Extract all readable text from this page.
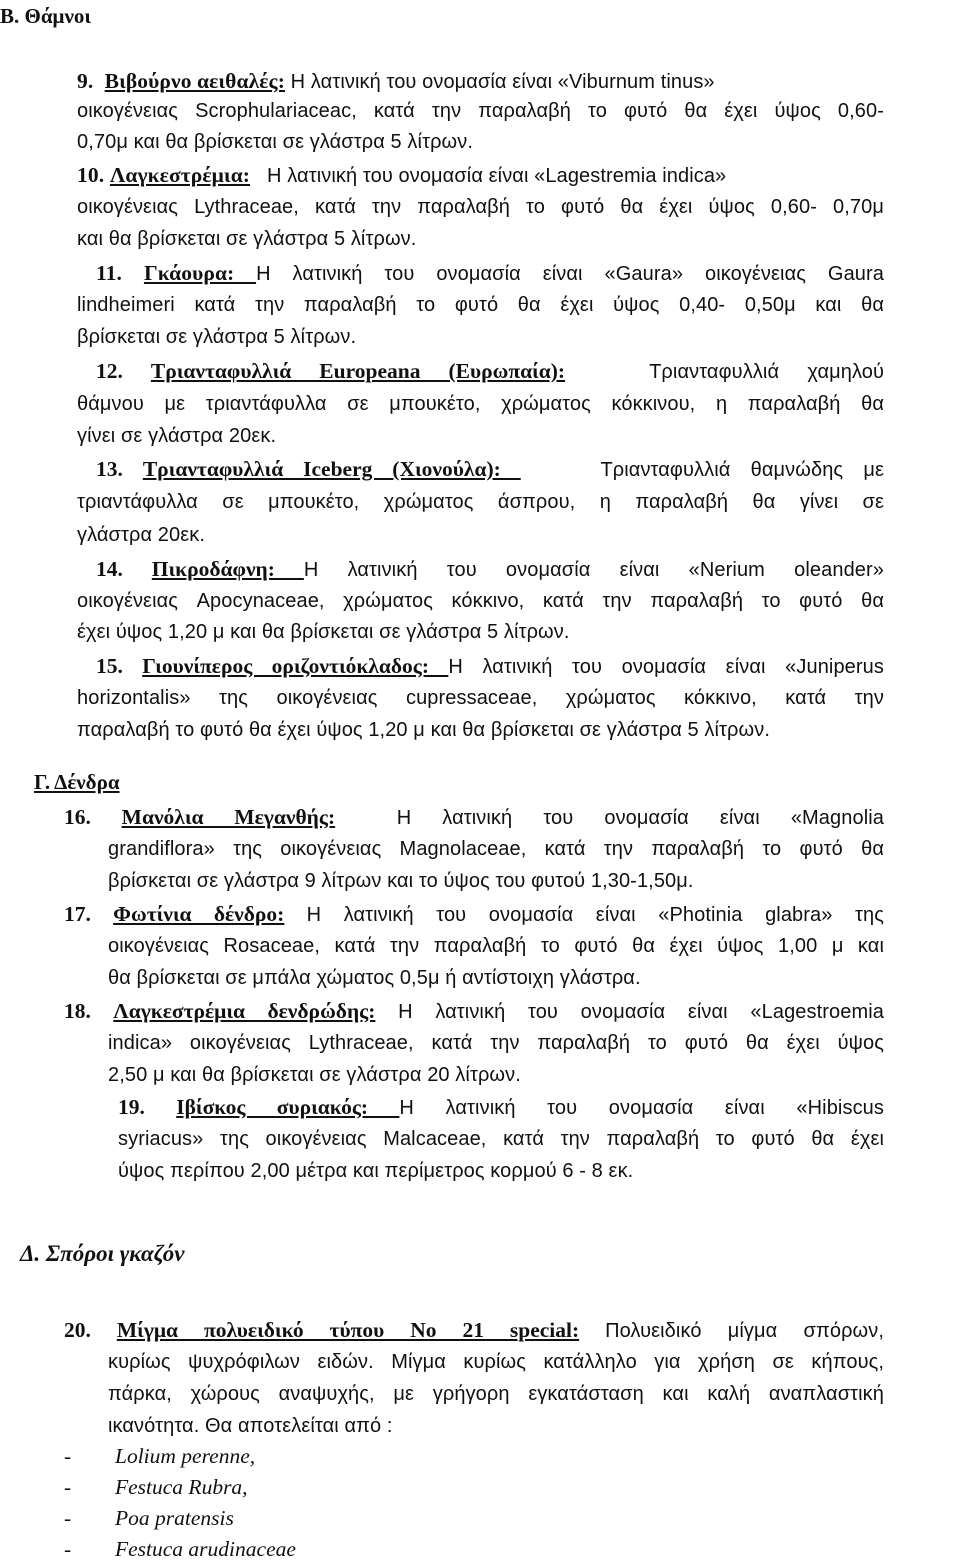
B. Θάμνοι
9. Βιβούρνο αειθαλές: Η λατινική του ονομασία είναι «Viburnum tinus»
οικογένειας Scrophulariaceac, κατά την παραλαβή το φυτό θα έχει ύψος 0,60-
0,70μ και θα βρίσκεται σε γλάστρα 5 λίτρων.
10. Λαγκεστρέμια: Η λατινική του ονομασία είναι «Lagestremia indica»
οικογένειας Lythraceae, κατά την παραλαβή το φυτό θα έχει ύψος 0,60- 0,70μ
και θα βρίσκεται σε γλάστρα 5 λίτρων.
11. Γκάουρα: Η λατινική του ονομασία είναι «Gaura» οικογένειας Gaura
lindheimeri κατά την παραλαβή το φυτό θα έχει ύψος 0,40- 0,50μ και θα
βρίσκεται σε γλάστρα 5 λίτρων.
12. Τριανταφυλλιά Europeana (Ευρωπαία):	Τριανταφυλλιά χαμηλού
θάμνου με τριαντάφυλλα σε μπουκέτο, χρώματος κόκκινου, η παραλαβή θα
γίνει σε γλάστρα 20εκ.
13. Τριανταφυλλιά Iceberg (Χιονούλα):	Τριανταφυλλιά θαμνώδης με
τριαντάφυλλα σε μπουκέτο, χρώματος άσπρου, η παραλαβή θα γίνει σε
γλάστρα 20εκ.
14. Πικροδάφνη: Η λατινική του ονομασία είναι «Nerium oleander»
οικογένειας Apocynaceae, χρώματος κόκκινο, κατά την παραλαβή το φυτό θα
έχει ύψος 1,20 μ και θα βρίσκεται σε γλάστρα 5 λίτρων.
15. Γιουνίπερος οριζοντιόκλαδος: Η λατινική του ονομασία είναι «Juniperus
horizontalis» της οικογένειας cupressaceae, χρώματος κόκκινο, κατά την
παραλαβή το φυτό θα έχει ύψος 1,20 μ και θα βρίσκεται σε γλάστρα 5 λίτρων.
Γ. Δένδρα
16. Μανόλια Μεγανθής:	Η λατινική του ονομασία είναι «Magnolia
grandiflora» της οικογένειας Magnolaceae, κατά την παραλαβή το φυτό θα
βρίσκεται σε γλάστρα 9 λίτρων και το ύψος του φυτού 1,30-1,50μ.
17. Φωτίνια δένδρο: Η λατινική του ονομασία είναι «Photinia glabra» της
οικογένειας Rosaceae, κατά την παραλαβή το φυτό θα έχει ύψος 1,00 μ και
θα βρίσκεται σε μπάλα χώματος 0,5μ ή αντίστοιχη γλάστρα.
18. Λαγκεστρέμια δενδρώδης: Η λατινική του ονομασία είναι «Lagestroemia
indica» οικογένειας Lythraceae, κατά την παραλαβή το φυτό θα έχει ύψος
2,50 μ και θα βρίσκεται σε γλάστρα 20 λίτρων.
19. Ιβίσκος συριακός: Η λατινική του ονομασία είναι «Hibiscus
syriacus» της οικογένειας Malcaceae, κατά την παραλαβή το φυτό θα έχει
ύψος περίπου 2,00 μέτρα και περίμετρος κορμού 6 - 8 εκ.
Δ. Σπόροι γκαζόν
20. Μίγμα πολυειδικό τύπου Νο 21 special: Πολυειδικό μίγμα σπόρων,
κυρίως ψυχρόφιλων ειδών. Μίγμα κυρίως κατάλληλο για χρήση σε κήπους,
πάρκα, χώρους αναψυχής, με γρήγορη εγκατάσταση και καλή αναπλαστική
ικανότητα. Θα αποτελείται από :
- Lolium perenne,
- Festuca Rubra,
- Poa pratensis
- Festuca arudinaceae
